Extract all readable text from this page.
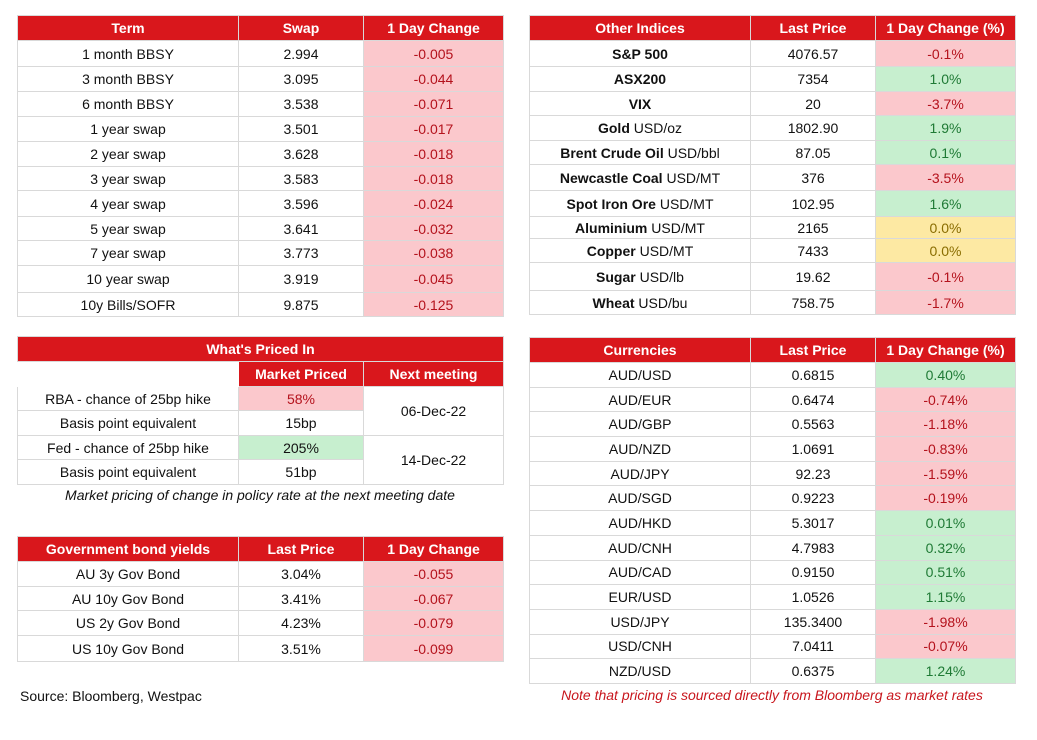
Term	Swap	1 Day Change
1 month BBSY	2.994	-0.005
3 month BBSY	3.095	-0.044
6 month BBSY	3.538	-0.071
1 year swap	3.501	-0.017
2 year swap	3.628	-0.018
3 year swap	3.583	-0.018
4 year swap	3.596	-0.024
5 year swap	3.641	-0.032
7 year swap	3.773	-0.038
10 year swap	3.919	-0.045
10y Bills/SOFR	9.875	-0.125
Other Indices	Last Price	1 Day Change (%)
S&P 500	4076.57	-0.1%
ASX200	7354	1.0%
VIX	20	-3.7%
Gold USD/oz	1802.90	1.9%
Brent Crude Oil USD/bbl	87.05	0.1%
Newcastle Coal USD/MT	376	-3.5%
Spot Iron Ore USD/MT	102.95	1.6%
Aluminium USD/MT	2165	0.0%
Copper USD/MT	7433	0.0%
Sugar USD/lb	19.62	-0.1%
Wheat USD/bu	758.75	-1.7%
What's Priced In		
	Market Priced	Next meeting
RBA - chance of 25bp hike	58%	06-Dec-22
Basis point equivalent	15bp	
Fed - chance of 25bp hike	205%	14-Dec-22
Basis point equivalent	51bp	
Market pricing of change in policy rate at the next meeting date
Government bond yields	Last Price	1 Day Change
AU 3y Gov Bond	3.04%	-0.055
AU 10y Gov Bond	3.41%	-0.067
US 2y Gov Bond	4.23%	-0.079
US 10y Gov Bond	3.51%	-0.099
Currencies	Last Price	1 Day Change (%)
AUD/USD	0.6815	0.40%
AUD/EUR	0.6474	-0.74%
AUD/GBP	0.5563	-1.18%
AUD/NZD	1.0691	-0.83%
AUD/JPY	92.23	-1.59%
AUD/SGD	0.9223	-0.19%
AUD/HKD	5.3017	0.01%
AUD/CNH	4.7983	0.32%
AUD/CAD	0.9150	0.51%
EUR/USD	1.0526	1.15%
USD/JPY	135.3400	-1.98%
USD/CNH	7.0411	-0.07%
NZD/USD	0.6375	1.24%
Source: Bloomberg, Westpac	Note that pricing is sourced directly from Bloomberg as market rates
